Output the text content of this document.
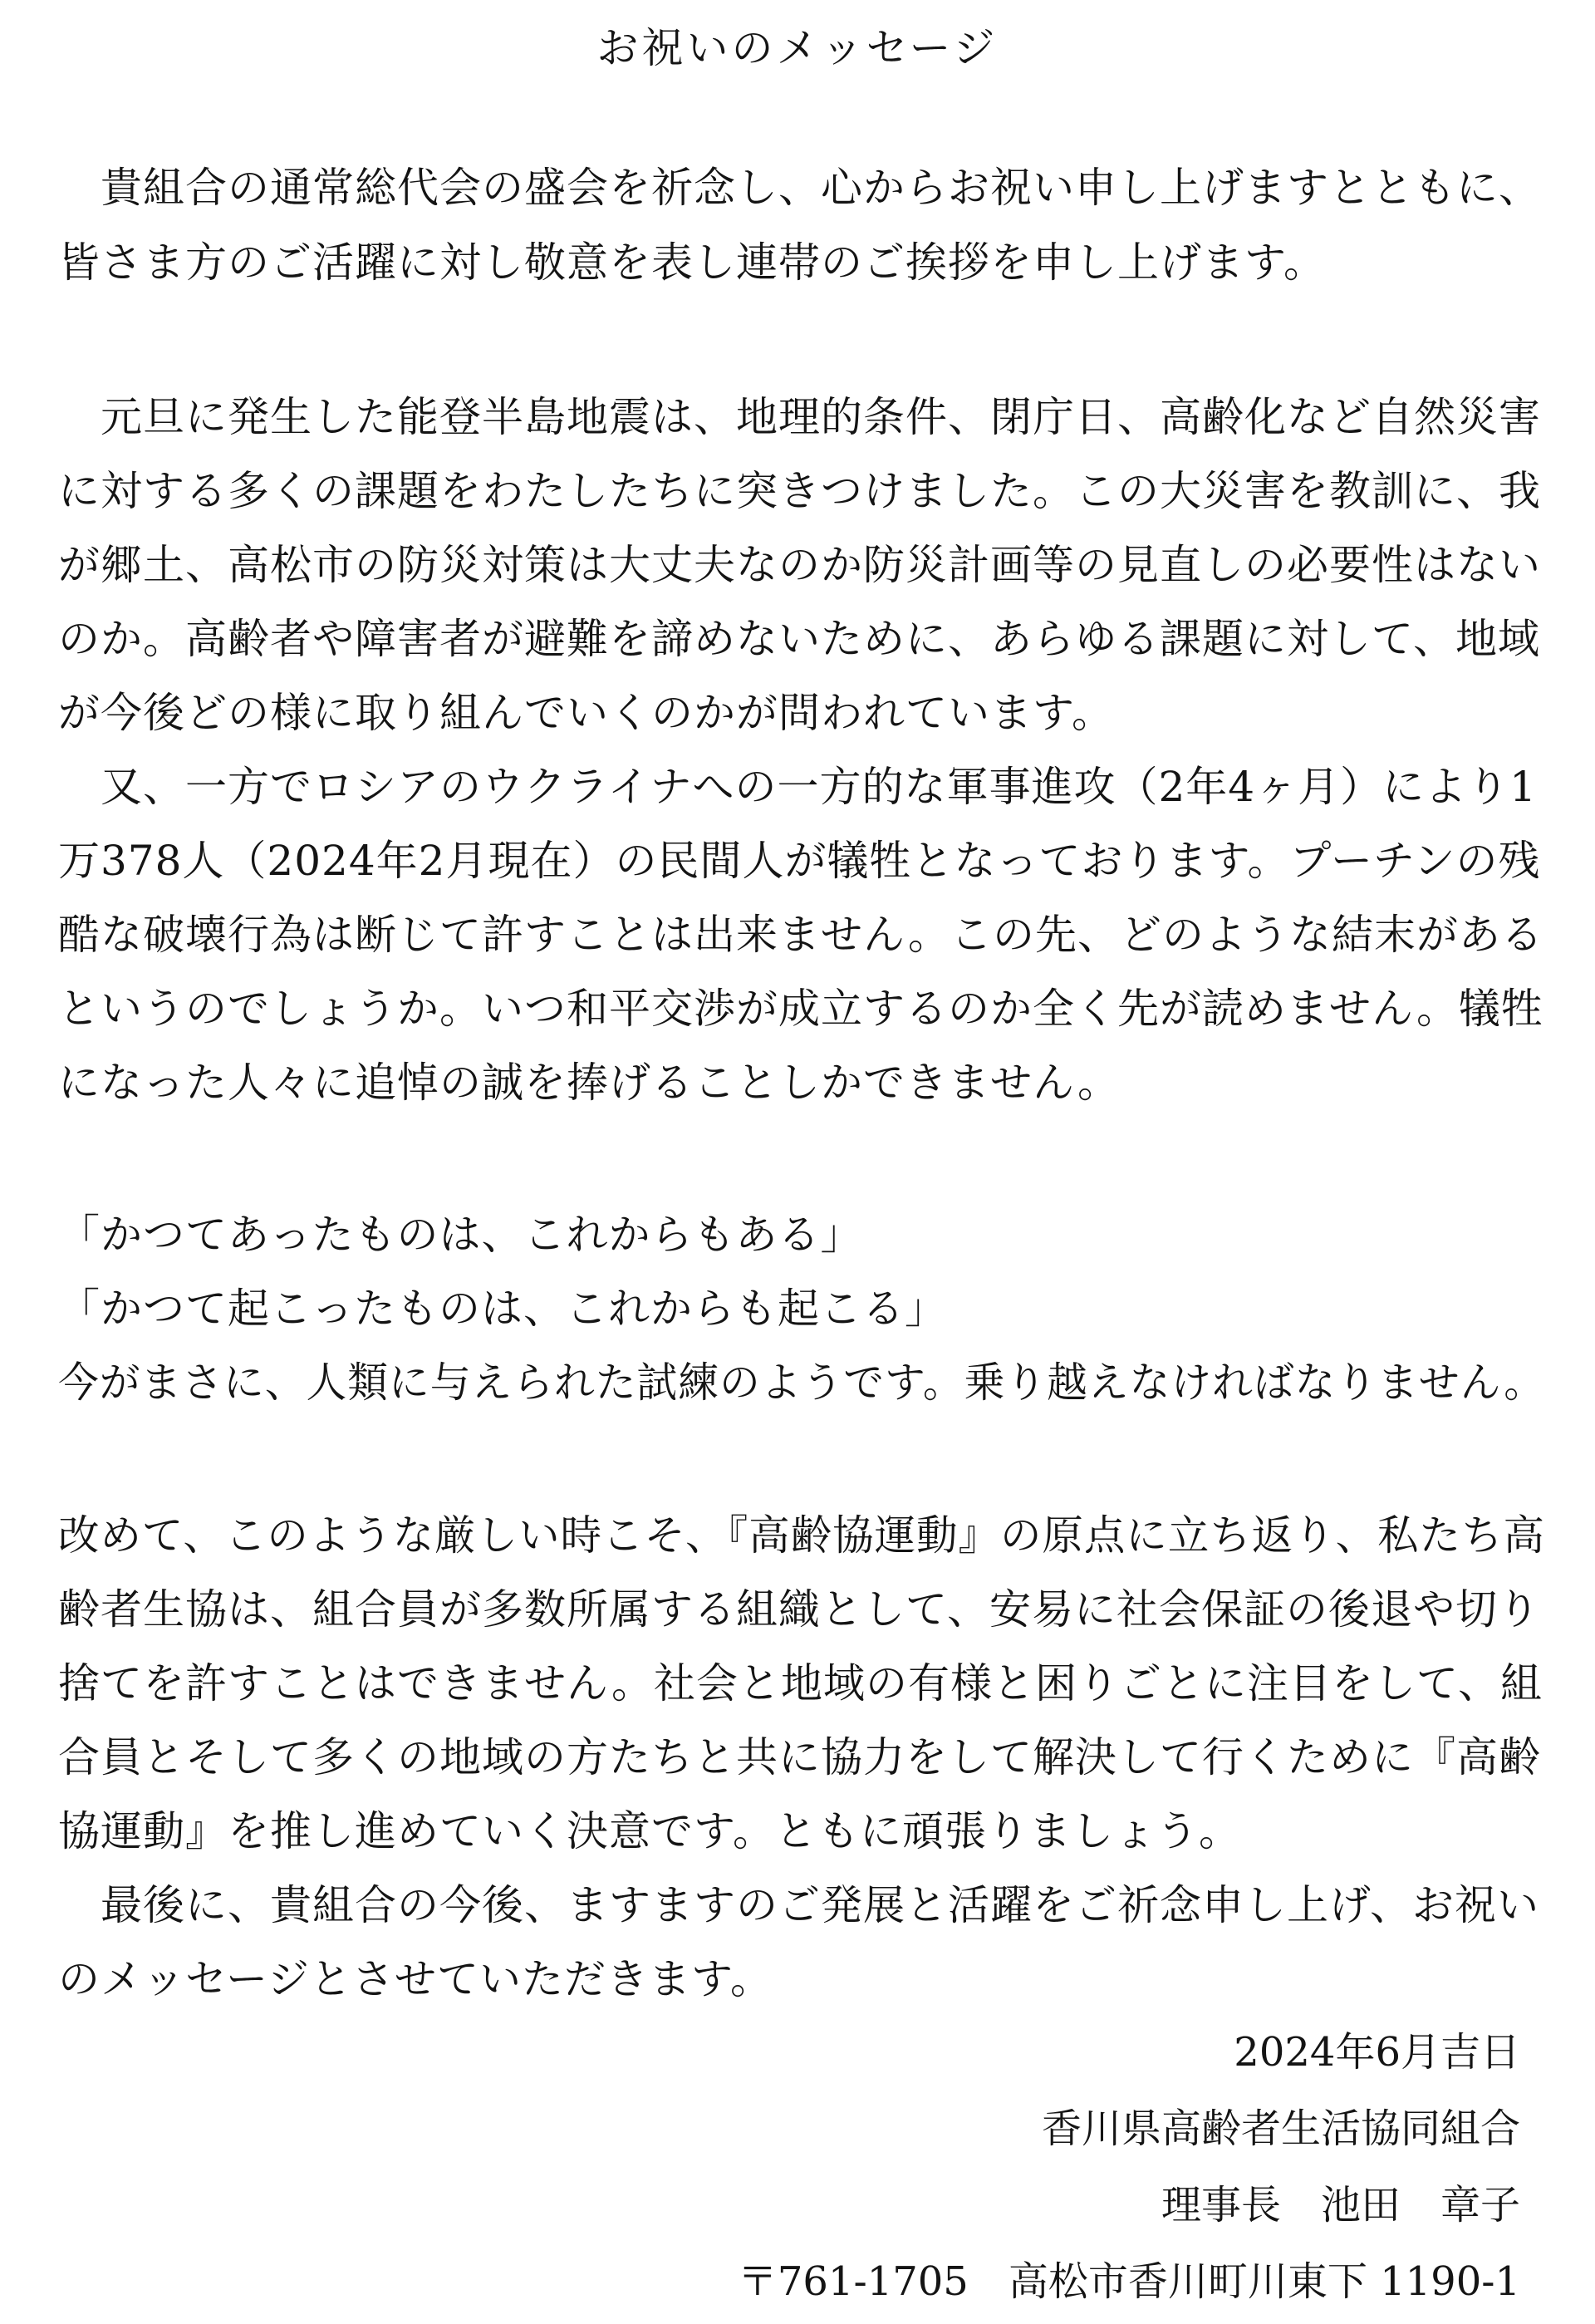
お祝いのメッセージ
　貴組合の通常総代会の盛会を祈念し、心からお祝い申し上げますとともに、
皆さま方のご活躍に対し敬意を表し連帯のご挨拶を申し上げます。
　元旦に発生した能登半島地震は、地理的条件、閉庁日、高齢化など自然災害
に対する多くの課題をわたしたちに突きつけました。この大災害を教訓に、我
が郷土、高松市の防災対策は大丈夫なのか防災計画等の見直しの必要性はない
のか。高齢者や障害者が避難を諦めないために、あらゆる課題に対して、地域
が今後どの様に取り組んでいくのかが問われています。
　又、一方でロシアのウクライナへの一方的な軍事進攻（2年4ヶ月）により1
万378人（2024年2月現在）の民間人が犠牲となっております。プーチンの残
酷な破壊行為は断じて許すことは出来ません。この先、どのような結末がある
というのでしょうか。いつ和平交渉が成立するのか全く先が読めません。犠牲
になった人々に追悼の誠を捧げることしかできません。
「かつてあったものは、これからもある」
「かつて起こったものは、これからも起こる」
今がまさに、人類に与えられた試練のようです。乗り越えなければなりません。
改めて、このような厳しい時こそ、『高齢協運動』の原点に立ち返り、私たち高
齢者生協は、組合員が多数所属する組織として、安易に社会保証の後退や切り
捨てを許すことはできません。社会と地域の有様と困りごとに注目をして、組
合員とそして多くの地域の方たちと共に協力をして解決して行くために『高齢
協運動』を推し進めていく決意です。ともに頑張りましょう。
　最後に、貴組合の今後、ますますのご発展と活躍をご祈念申し上げ、お祝い
のメッセージとさせていただきます。
2024年6月吉日
香川県高齢者生活協同組合
理事長　池田　章子
〒761-1705　高松市香川町川東下 1190-1
